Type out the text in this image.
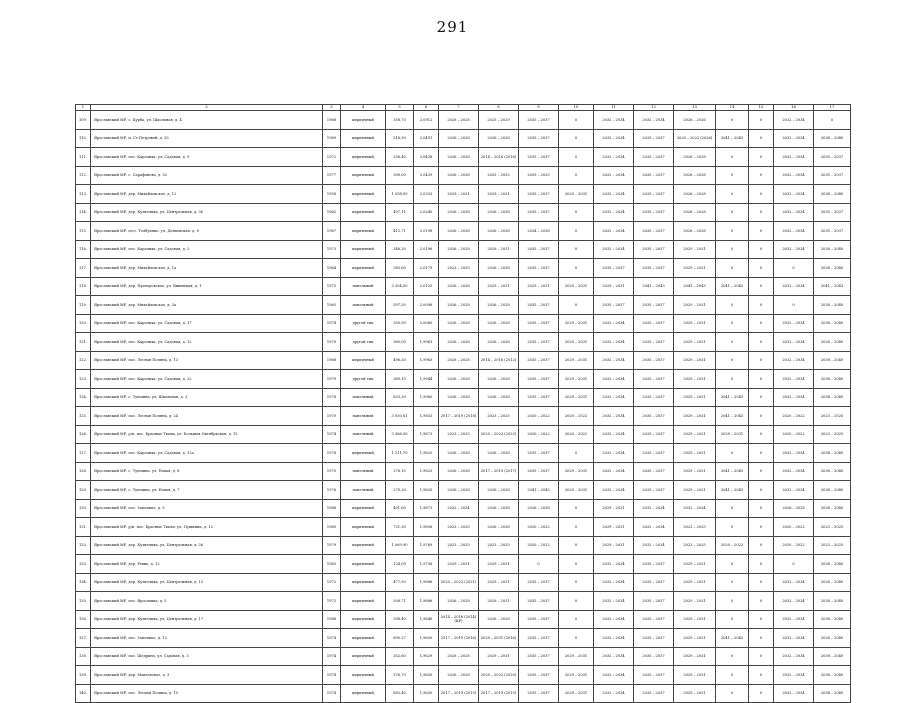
291
1	2	3	4	5	6	7	8	9	10	11	12	13	14	15	16	17
109.	Ярославский МР, с. Курба, ул. Школьная, д. 4	1968	кирпичный	358,70	2,0912	2026 – 2028	2025 – 2029	2035 – 2037	0	2032 – 2034	2032 – 2034	2026 – 2026	0	0	2032 – 2034	0
110.	Ярославский МР, п. Ст-Петровой, д. 35	1969	кирпичный	318,30	2,0491	2026 – 2028	2026 – 2028	2035 – 2037	0	2032 – 2034	2035 – 2037	2020 – 2022 (2026)	2041 – 2043	0	2032 – 2034	2038 – 2040
111.	Ярославский МР, пос. Карачиха, ул. Садовая, д. 9	1972	кирпичный	356,40	2,0438	2026 – 2028	2014 – 2016 (2016)	2035 – 2037	0	2032 – 2034	2035 – 2037	2026 – 2028	0	0	2032 – 2034	2035 – 2037
112.	Ярославский МР, с. Сарафоново, д. 52	1977	кирпичный	390,00	2,0439	2026 – 2028	2025 – 2032	2029 – 2033	0	2032 – 2034	2035 – 2037	2026 – 2028	0	0	2032 – 2034	2035 – 2037
113.	Ярославский МР, дер. Михайловское, д. 12	1958	кирпичный	1 058,00	2,0333	2029 – 2031	2029 – 2031	2035 – 2037	2029 – 2031	2032 – 2034	2035 – 2037	2026 – 2028	0	0	2032 – 2034	2038 – 2040
114.	Ярославский МР, дер. Кузнечиха, ул. Центральная, д. 36	1962	кирпичный	497,11	2,0240	2026 – 2028	2026 – 2028	2035 – 2037	0	2032 – 2034	2035 – 2037	2026 – 2028	0	0	2032 – 2034	2035 – 2037
115.	Ярославский МР, п/ст. Толбухино, ул. Донаевская, д. 8	1967	кирпичный	412,71	2,0198	2026 – 2028	2026 – 2028	2034 – 2036	0	2032 – 2034	2035 – 2037	2026 – 2028	0	0	2032 – 2034	2035 – 2037
116.	Ярославский МР, пос. Карачиха, ул. Садовая, д. 2	1973	кирпичный	346,20	2,0196	2026 – 2028	2029 – 2031	2035 – 2037	0	2032 – 2034	2035 – 2037	2029 – 2031	0	0	2032 – 2034	2038 – 2040
117.	Ярославский МР, дер. Михайловское, д. 1а	1964	кирпичный	383,60	2,0179	2023 – 2025	2026 – 2028	2035 – 2037	0	2035 – 2037	2035 – 2037	2029 – 2031	0	0	0	2038 – 2040
118.	Ярославский МР, дер. Прохоровское, ул. Вишневая, д. 1	1975	панельный	3 304,00	2,0125	2026 – 2028	2029 – 2031	2029 – 2031	2029 – 2031	2029 – 2031	2041 – 2043	2041 – 2043	2041 – 2043	0	2032 – 2034	2041 – 2043
119.	Ярославский МР, дер. Михайловское, д. 2а	1965	панельный	597,50	2,0098	2026 – 2028	2026 – 2028	2035 – 2037	0	2035 – 2037	2035 – 2037	2029 – 2031	0	0	0	2038 – 2040
120.	Ярославский МР, пос. Карачиха, ул. Садовая, д. 17	1974	другой тип	350,90	2,0060	2026 – 2028	2026 – 2028	2035 – 2037	2029 – 2031	2032 – 2034	2035 – 2037	2029 – 2031	0	0	2032 – 2034	2038 – 2040
121.	Ярославский МР, пос. Карачиха, ул. Садовая, д. 12	1970	другой тип	360,09	1,9961	2026 – 2028	2026 – 2028	2035 – 2037	2029 – 2031	2032 – 2034	2035 – 2037	2029 – 2031	0	0	2032 – 2034	2038 – 2040
122.	Ярославский МР, пос. Лесная Поляна, д. 13	1968	кирпичный	496,20	1,9963	2026 – 2028	2014 – 2016 (2012)	2035 – 2037	2029 – 2031	2032 – 2034	2035 – 2037	2029 – 2031	0	0	2032 – 2034	2038 – 2040
123.	Ярославский МР, пос. Карачиха, ул. Садовая, д. 22	1979	другой тип	369,10	1,9944	2026 – 2028	2026 – 2028	2035 – 2037	2029 – 2031	2032 – 2034	2035 – 2037	2029 – 2031	0	0	2032 – 2034	2038 – 2040
124.	Ярославский МР, с. Туношна, ул. Школьная, д. 3	1978	панельный	833,30	1,9960	2026 – 2028	2026 – 2028	2035 – 2037	2029 – 2031	2032 – 2034	2035 – 2037	2029 – 2031	2041 – 2043	0	2032 – 2034	2038 – 2040
125.	Ярославский МР, пос. Лесная Поляна, д. 24	1970	панельный	3 050,81	1,9853	2017 – 2019 (2018)	2023 – 2025	2020 – 2022	2020 – 2022	2032 – 2034	2035 – 2037	2029 – 2031	2041 – 2043	0	2020 – 2022	2023 – 2025
126.	Ярославский МР, р/п. пос. Красные Ткачи, ул. Большая Октябрьская, д. 15	1974	панельный	3 366,50	1,9873	2023 – 2025	2020 – 2022 (2023)	2020 – 2022	2020 – 2022	2032 – 2034	2035 – 2037	2029 – 2031	2029 – 2031	0	2020 – 2022	2023 – 2025
127.	Ярославский МР, пос. Карачиха, ул. Садовая, д. 12а	1978	кирпичный	1 111,70	1,9825	2026 – 2028	2026 – 2028	2035 – 2037	0	2032 – 2034	2035 – 2037	2029 – 2031	0	0	2032 – 2034	2038 – 2040
128.	Ярославский МР, с. Туношна, ул. Новая, д. 8	1975	панельный	276,10	1,9823	2026 – 2028	2017 – 2019 (2017)	2035 – 2037	2029 – 2031	2032 – 2034	2035 – 2037	2029 – 2031	2041 – 2043	0	2032 – 2034	2038 – 2040
129.	Ярославский МР, с. Туношна, ул. Новая, д. 7	1976	панельный	279,20	1,9825	2026 – 2028	2026 – 2028	2041 – 2043	2029 – 2031	2032 – 2034	2035 – 2037	2029 – 2031	2041 – 2043	0	2032 – 2034	2038 – 2040
130.	Ярославский МР, пос. Заволжье, д. 9	1968	кирпичный	491,60	1,9871	2032 – 2034	2026 – 2028	2026 – 2028	0	2029 – 2031	2032 – 2034	2032 – 2034	0	0	2026 – 2028	2038 – 2040
131.	Ярославский МР, р/п. пос. Красные Ткачи, ул. Пушкина, д. 12	1965	кирпичный	721,30	1,9808	2023 – 2025	2026 – 2028	2020 – 2022	0	2029 – 2031	2032 – 2034	2023 – 2025	0	0	2020 – 2022	2023 – 2025
132.	Ярославский МР, дер. Кузнечиха, ул. Центральная, д. 26	1979	кирпичный	1 069,90	1,9769	2023 – 2025	2023 – 2025	2020 – 2022	0	2029 – 2031	2032 – 2034	2023 – 2025	2020 – 2022	0	2020 – 2022	2023 – 2025
133.	Ярославский МР, дер. Ревнь, д. 12	1983	кирпичный	124,09	1,9736	2029 – 2031	2029 – 2031	0	0	2032 – 2034	2035 – 2037	2029 – 2031	0	0	0	2038 – 2040
134.	Ярославский МР, дер. Кузнечиха, ул. Центральная, д. 13	1972	кирпичный	477,50	1,9686	2020 – 2022 (2021)	2029 – 2031	2035 – 2037	0	2032 – 2034	2035 – 2037	2029 – 2031	0	0	2032 – 2034	2038 – 2040
135.	Ярославский МР, пос. Ярославка, д. 5	1972	кирпичный	308,71	1,9686	2026 – 2028	2029 – 2031	2035 – 2037	0	2032 – 2034	2035 – 2037	2029 – 2031	0	0	2032 – 2034	2038 – 2040
136.	Ярославский МР, дер. Кузнечиха, ул. Центральная, д. 17	1988	кирпичный	398,40	1,9646	2014 – 2016 (2014) (КР)	2026 – 2028	2035 – 2037	0	2032 – 2034	2035 – 2037	2029 – 2031	0	0	2032 – 2034	2038 – 2040
137.	Ярославский МР, пос. Заволжье, д. 12	1974	кирпичный	895,27	1,9630	2017 – 2019 (2016)	2029 – 2031 (2016)	2035 – 2037	0	2032 – 2034	2035 – 2037	2029 – 2031	2041 – 2043	0	2032 – 2034	2038 – 2040
138.	Ярославский МР, пос. Щедрино, ул. Садовая, д. 3	1974	кирпичный	352,60	1,9629	2026 – 2028	2029 – 2031	2035 – 2037	2029 – 2031	2032 – 2034	2035 – 2037	2029 – 2031	0	0	2032 – 2034	2038 – 2040
139.	Ярославский МР, дер. Мокеевское, д. 3	1974	кирпичный	576,70	1,9630	2026 – 2028	2020 – 2022 (2020)	2035 – 2037	2029 – 2031	2032 – 2034	2035 – 2037	2029 – 2031	0	0	2032 – 2034	2038 – 2040
140.	Ярославский МР, пос. Лесная Поляна, д. 15	1974	кирпичный	882,40	1,9630	2017 – 2019 (2015)	2017 – 2019 (2015)	2035 – 2037	2029 – 2031	2032 – 2034	2035 – 2037	2029 – 2031	0	0	2032 – 2034	2038 – 2040
